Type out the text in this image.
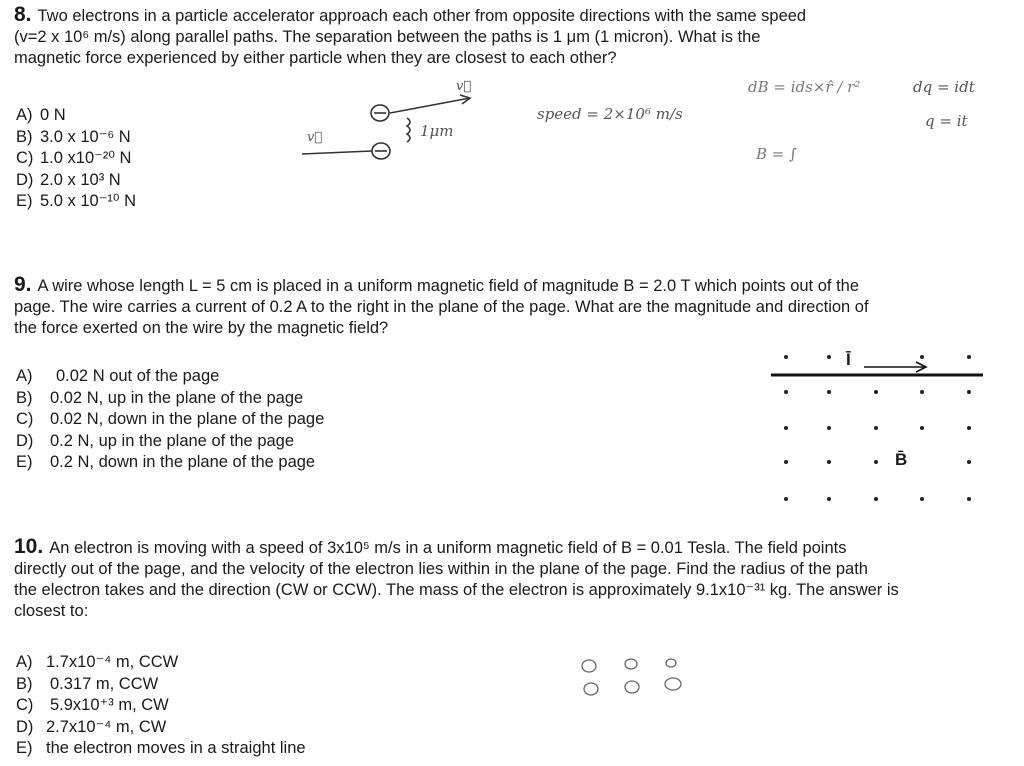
8. Two electrons in a particle accelerator approach each other from opposite directions with the same speed
(v=2 x 10⁶ m/s) along parallel paths. The separation between the paths is 1 μm (1 micron). What is the
magnetic force experienced by either particle when they are closest to each other?
A) 0 N
B) 3.0 x 10⁻⁶ N
C) 1.0 x10⁻²⁰ N
D) 2.0 x 10³ N
E) 5.0 x 10⁻¹⁰ N
v⃗
v⃗	1μm
speed = 2×10⁶ m/s
dB = ids×r̂ / r²
B = ∫
dq = idt
q = it
9. A wire whose length L = 5 cm is placed in a uniform magnetic field of magnitude B = 2.0 T which points out of the
page. The wire carries a current of 0.2 A to the right in the plane of the page. What are the magnitude and direction of
the force exerted on the wire by the magnetic field?
A) 0.02 N out of the page
B) 0.02 N, up in the plane of the page
C) 0.02 N, down in the plane of the page
D) 0.2 N, up in the plane of the page
E) 0.2 N, down in the plane of the page
Ī
B̄
10. An electron is moving with a speed of 3x10⁵ m/s in a uniform magnetic field of B = 0.01 Tesla. The field points
directly out of the page, and the velocity of the electron lies within in the plane of the page. Find the radius of the path
the electron takes and the direction (CW or CCW). The mass of the electron is approximately 9.1x10⁻³¹ kg. The answer is
closest to:
A) 1.7x10⁻⁴ m, CCW
B) 0.317 m, CCW
C) 5.9x10⁺³ m, CW
D) 2.7x10⁻⁴ m, CW
E) the electron moves in a straight line
